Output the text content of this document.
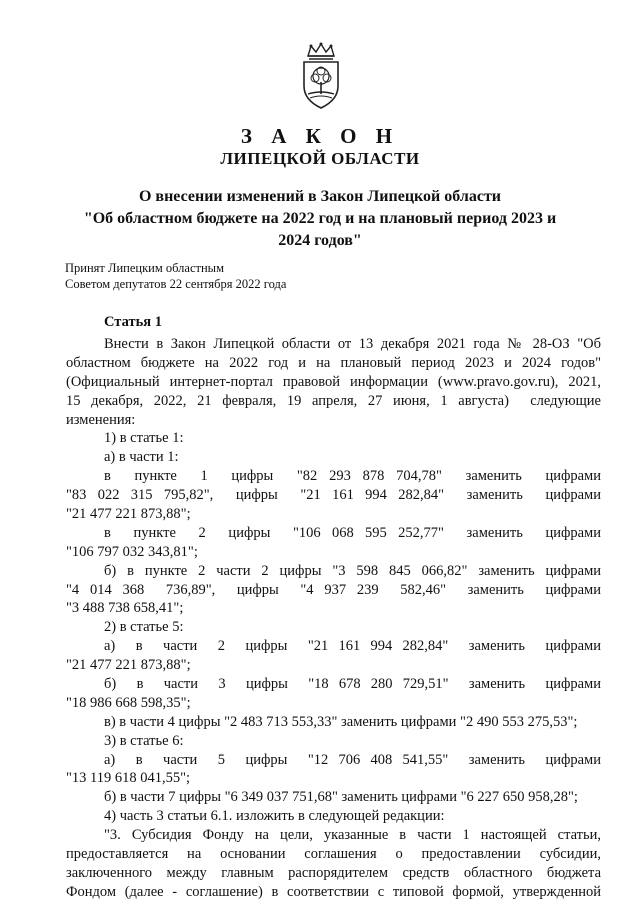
З А К О Н
ЛИПЕЦКОЙ ОБЛАСТИ
О внесении изменений в Закон Липецкой области
"Об областном бюджете на 2022 год и на плановый период 2023 и
2024 годов"
Принят Липецким областным
Советом депутатов 22 сентября 2022 года
Статья 1
Внести в Закон Липецкой области от 13 декабря 2021 года № 28-ОЗ "Об
областном бюджете на 2022 год и на плановый период 2023 и 2024 годов"
(Официальный интернет-портал правовой информации (www.pravo.gov.ru), 2021,
15 декабря, 2022, 21 февраля, 19 апреля, 27 июня, 1 августа)  следующие
изменения:
1) в статье 1:
а) в части 1:
в  пункте  1  цифры  "82 293 878 704,78"  заменить  цифрами
"83 022 315 795,82",  цифры  "21 161 994 282,84"  заменить  цифрами
"21 477 221 873,88";
в  пункте  2  цифры  "106 068 595 252,77"  заменить  цифрами
"106 797 032 343,81";
б) в пункте 2 части 2 цифры "3 598 845 066,82" заменить цифрами
"4 014 368  736,89",  цифры  "4 937 239  582,46"  заменить  цифрами
"3 488 738 658,41";
2) в статье 5:
а)  в  части  2  цифры  "21 161 994 282,84"  заменить  цифрами
"21 477 221 873,88";
б)  в  части  3  цифры  "18 678 280 729,51"  заменить  цифрами
"18 986 668 598,35";
в) в части 4 цифры "2 483 713 553,33" заменить цифрами "2 490 553 275,53";
3) в статье 6:
а)  в  части  5  цифры  "12 706 408 541,55"  заменить  цифрами
"13 119 618 041,55";
б) в части 7 цифры "6 349 037 751,68" заменить цифрами "6 227 650 958,28";
4) часть 3 статьи 6.1. изложить в следующей редакции:
"3. Субсидия Фонду на цели, указанные в части 1 настоящей статьи,
предоставляется  на  основании  соглашения  о  предоставлении  субсидии,
заключенного между главным распорядителем средств областного бюджета
Фондом (далее - соглашение) в соответствии с типовой формой, утвержденной
